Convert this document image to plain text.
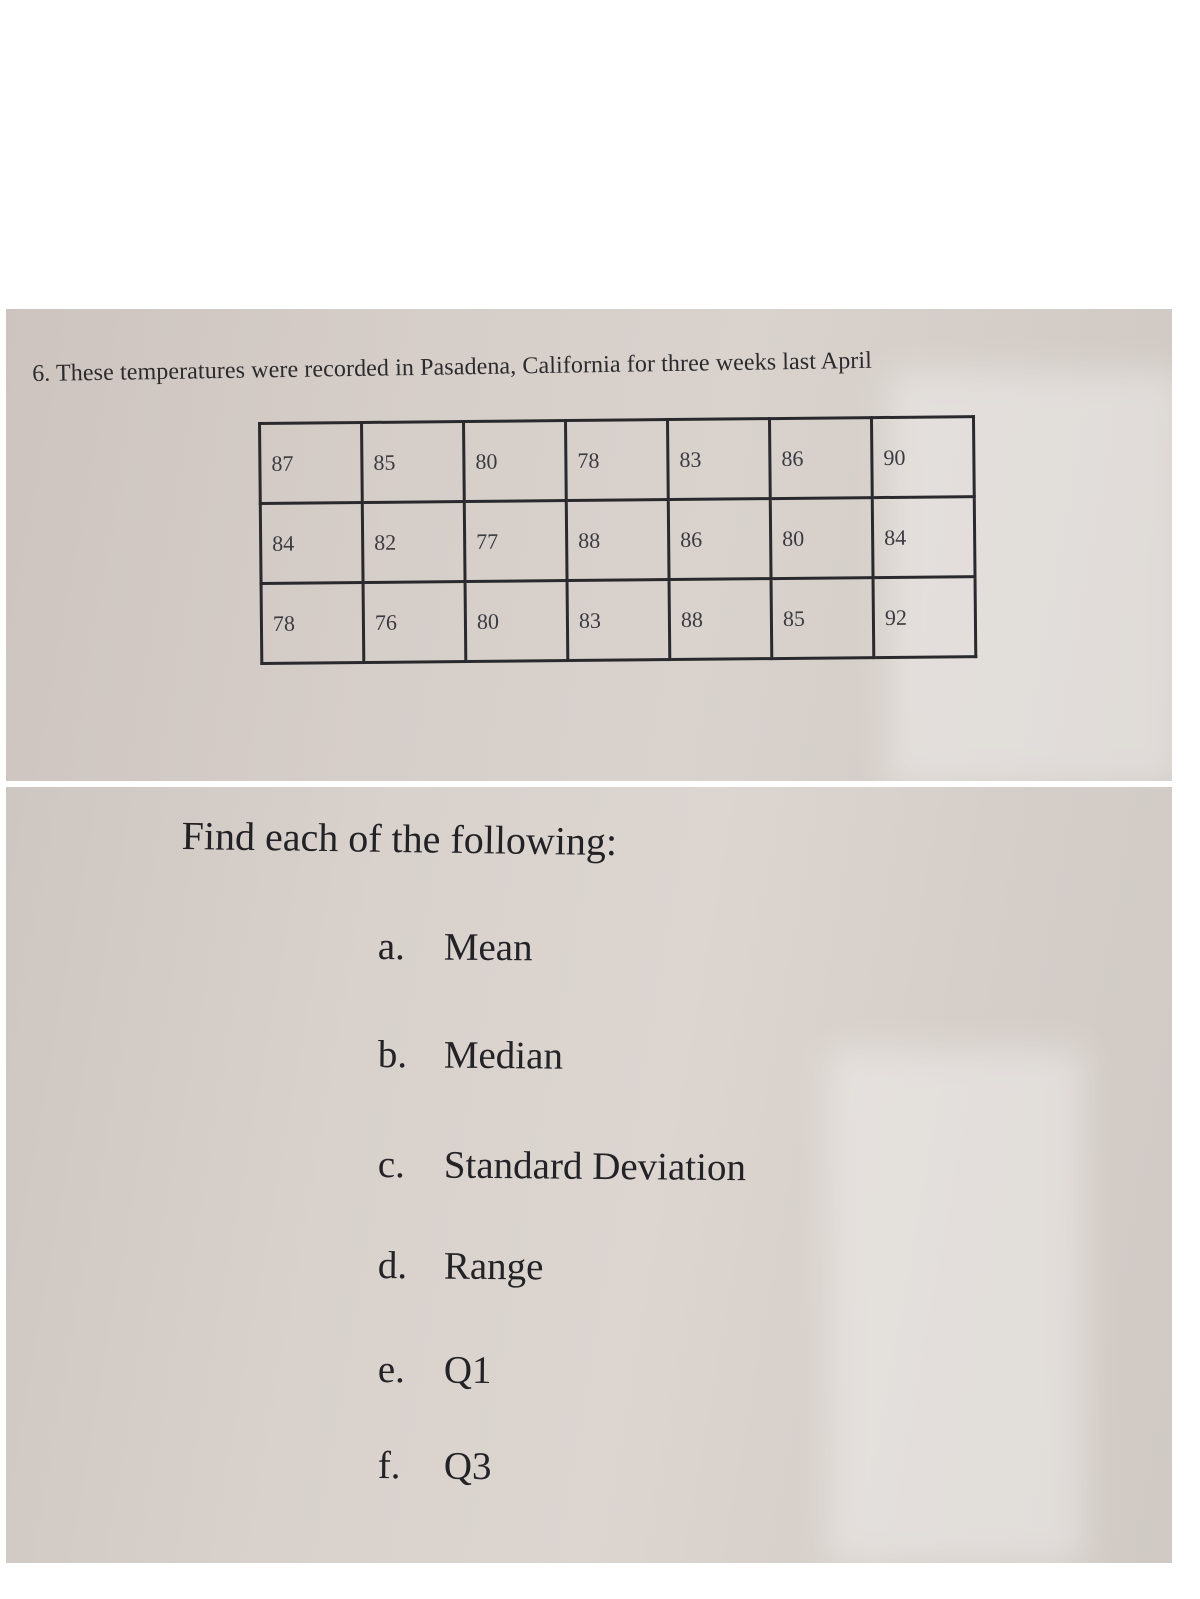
6. These temperatures were recorded in Pasadena, California for three weeks last April
87	85	80	78	83	86	90
84	82	77	88	86	80	84
78	76	80	83	88	85	92
Find each of the following:
a. Mean
b. Median
c. Standard Deviation
d. Range
e. Q1
f. Q3
